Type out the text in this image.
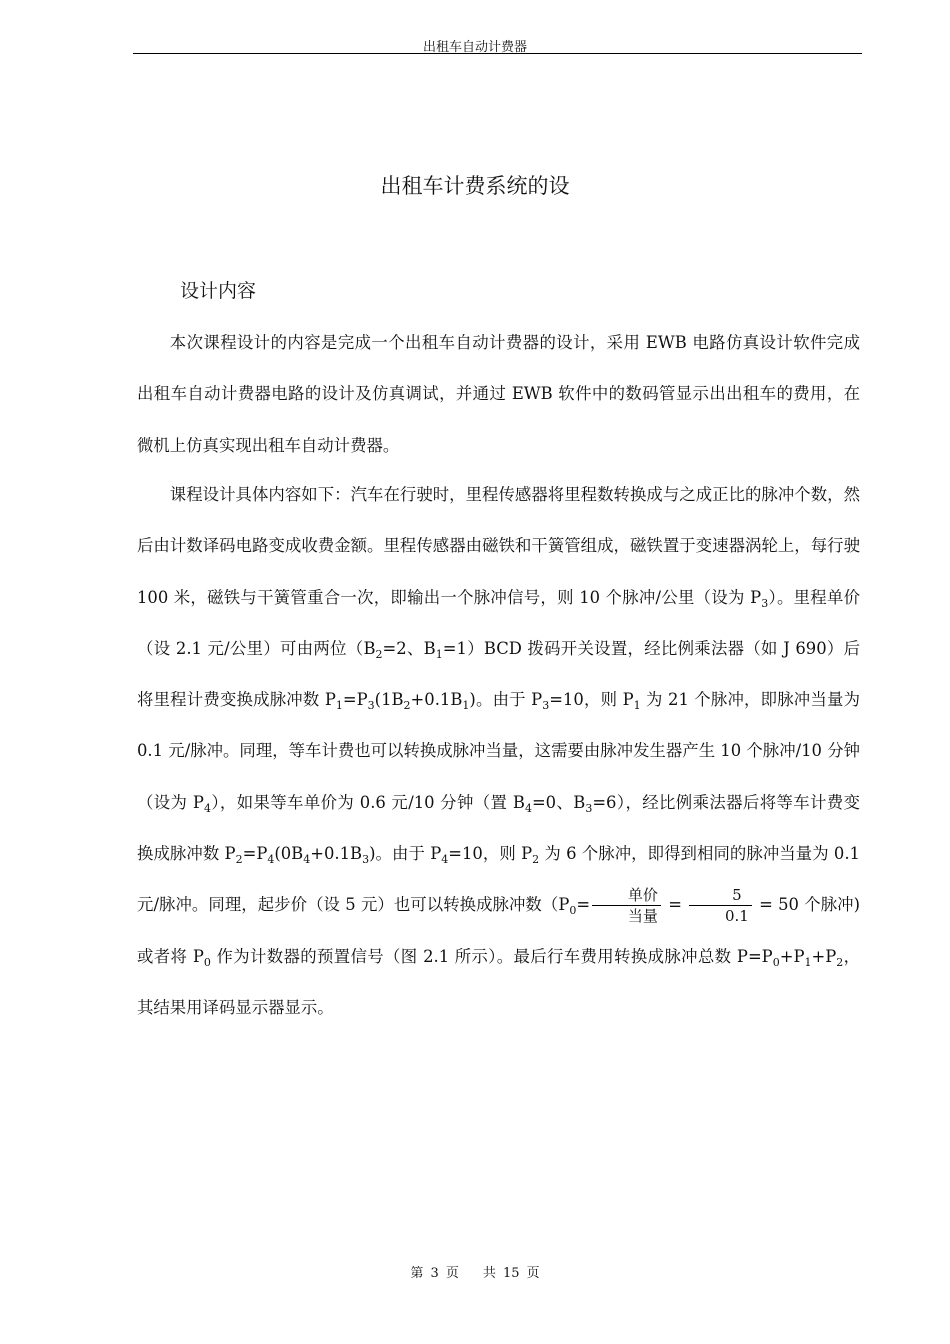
出租车自动计费器
出租车计费系统的设
设计内容

本次课程设计的内容是完成一个出租车自动计费器的设计，采用 EWB 电路仿真设计软件完成出租车自动计费器电路的设计及仿真调试，并通过 EWB 软件中的数码管显示出出租车的费用，在微机上仿真实现出租车自动计费器。

课程设计具体内容如下：汽车在行驶时，里程传感器将里程数转换成与之成正比的脉冲个数，然后由计数译码电路变成收费金额。里程传感器由磁铁和干簧管组成，磁铁置于变速器涡轮上，每行驶 100 米，磁铁与干簧管重合一次，即输出一个脉冲信号，则 10 个脉冲/公里（设为 $P_3$）。里程单价（设 2.1 元/公里）可由两位（$B_2=2$、$B_1=1)BCD$ 拨码开关设置，经比例乘法器（如 J 690）后将里程计费变换成脉冲数 $P_1=P_3(1B_2+0.1B_1)$。由于 $P_3=10$，则 $P_1$ 为 21 个脉冲，即脉冲当量为 0.1 元/脉冲。同理，等车计费也可以转换成脉冲当量，这需要由脉冲发生器产生 10 个脉冲/10 分钟（设为 $P_4$），如果等车单价为 0.6 元/10 分钟（置 $B_4=0$、$B_3=6$），经比例乘法器后将等车计费变换成脉冲数 $P_2=P_4(0B_4+0.1B_3)$。由于 $P_4=10$，则 $P_2$ 为 6 个脉冲，即得到相同的脉冲当量为 0.1 元/脉冲。同理，起步价（设 5 元）也可以转换成脉冲数（$P_0= \frac{\text{单价}}{\text{当量}} = \frac{5}{0.1} = 50$ 个脉冲)或者将 $P_0$ 作为计数器的预置信号（图 2.1 所示）。最后行车费用转换成脉冲总数 $P=P_0+P_1+P_2$，其结果用译码显示器显示。

第 3 页 共 15 页
